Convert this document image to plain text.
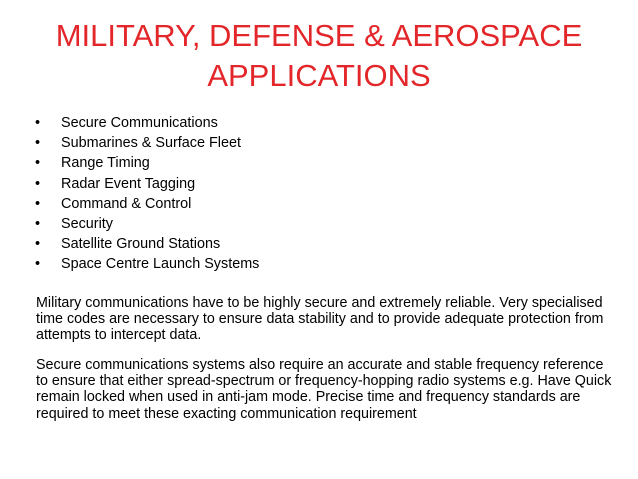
MILITARY, DEFENSE & AEROSPACE
APPLICATIONS
•	Secure Communications
•	Submarines & Surface Fleet
•	Range Timing
•	Radar Event Tagging
•	Command & Control
•	Security
•	Satellite Ground Stations
•	Space Centre Launch Systems

Military communications have to be highly secure and extremely reliable. Very specialised time codes are necessary to ensure data stability and to provide adequate protection from attempts to intercept data.

Secure communications systems also require an accurate and stable frequency reference to ensure that either spread-spectrum or frequency-hopping radio systems e.g. Have Quick remain locked when used in anti-jam mode. Precise time and frequency standards are required to meet these exacting communication requirement
